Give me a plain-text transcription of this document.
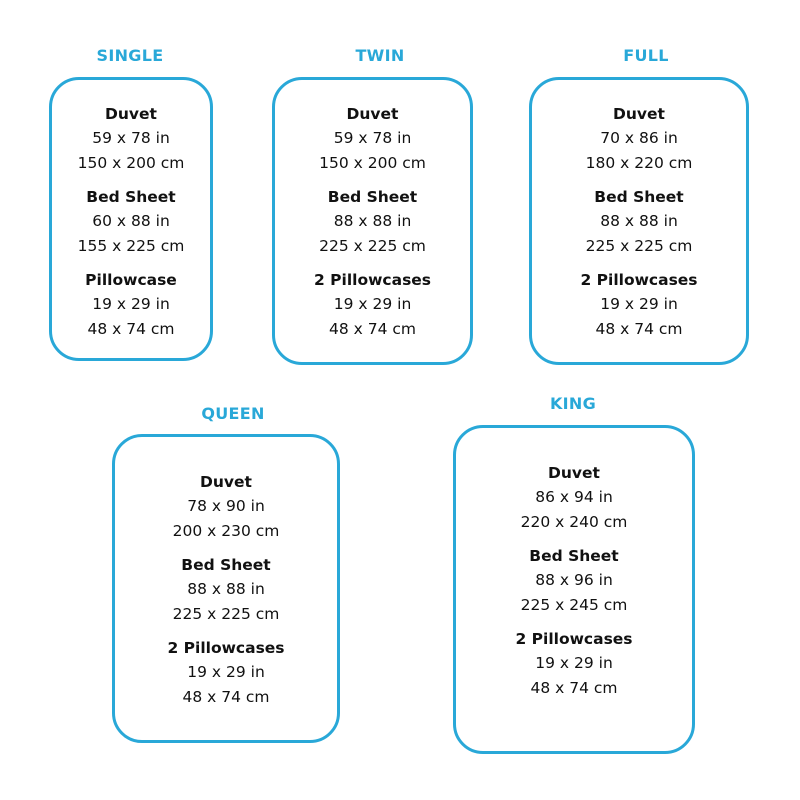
SINGLE
Duvet
59 x 78 in
150 x 200 cm
Bed Sheet
60 x 88 in
155 x 225 cm
Pillowcase
19 x 29 in
48 x 74 cm
TWIN
Duvet
59 x 78 in
150 x 200 cm
Bed Sheet
88 x 88 in
225 x 225 cm
2 Pillowcases
19 x 29 in
48 x 74 cm
FULL
Duvet
70 x 86 in
180 x 220 cm
Bed Sheet
88 x 88 in
225 x 225 cm
2 Pillowcases
19 x 29 in
48 x 74 cm
QUEEN
Duvet
78 x 90 in
200 x 230 cm
Bed Sheet
88 x 88 in
225 x 225 cm
2 Pillowcases
19 x 29 in
48 x 74 cm
KING
Duvet
86 x 94 in
220 x 240 cm
Bed Sheet
88 x 96 in
225 x 245 cm
2 Pillowcases
19 x 29 in
48 x 74 cm
